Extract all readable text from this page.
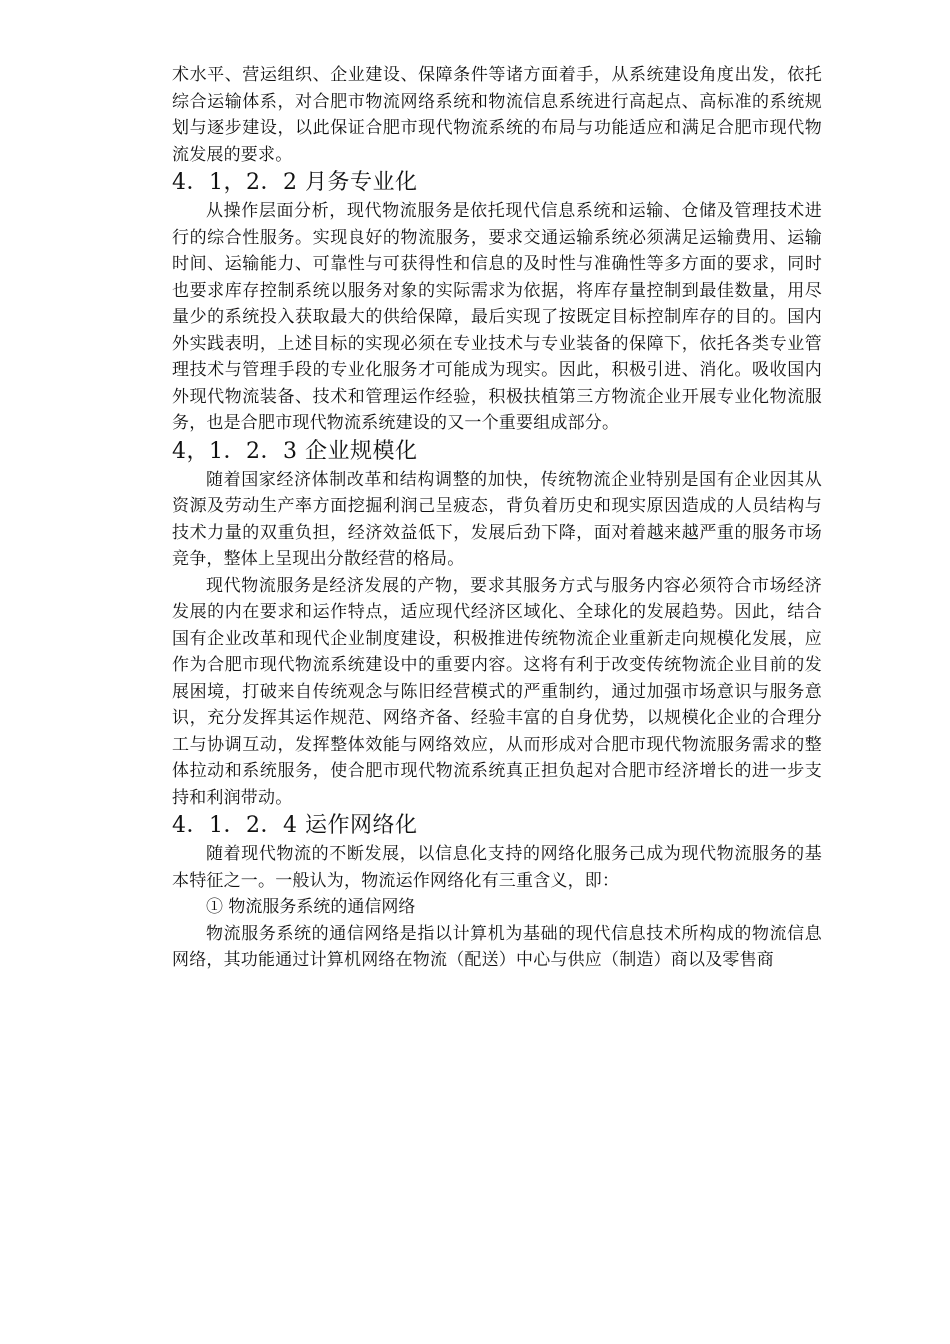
术水平、营运组织、企业建设、保障条件等诸方面着手，从系统建设角度出发，依托综合运输体系，对合肥市物流网络系统和物流信息系统进行高起点、高标准的系统规划与逐步建设，以此保证合肥市现代物流系统的布局与功能适应和满足合肥市现代物流发展的要求。

4．1，2．2 月务专业化

从操作层面分析，现代物流服务是依托现代信息系统和运输、仓储及管理技术进行的综合性服务。实现良好的物流服务，要求交通运输系统必须满足运输费用、运输时间、运输能力、可靠性与可获得性和信息的及时性与准确性等多方面的要求，同时也要求库存控制系统以服务对象的实际需求为依据，将库存量控制到最佳数量，用尽量少的系统投入获取最大的供给保障，最后实现了按既定目标控制库存的目的。国内外实践表明，上述目标的实现必须在专业技术与专业装备的保障下，依托各类专业管理技术与管理手段的专业化服务才可能成为现实。因此，积极引进、消化。吸收国内外现代物流装备、技术和管理运作经验，积极扶植第三方物流企业开展专业化物流服务，也是合肥市现代物流系统建设的又一个重要组成部分。

4，1．2．3 企业规模化

随着国家经济体制改革和结构调整的加快，传统物流企业特别是国有企业因其从资源及劳动生产率方面挖掘利润己呈疲态，背负着历史和现实原因造成的人员结构与技术力量的双重负担，经济效益低下，发展后劲下降，面对着越来越严重的服务市场竞争，整体上呈现出分散经营的格局。

现代物流服务是经济发展的产物，要求其服务方式与服务内容必须符合市场经济发展的内在要求和运作特点，适应现代经济区域化、全球化的发展趋势。因此，结合国有企业改革和现代企业制度建设，积极推进传统物流企业重新走向规模化发展，应作为合肥市现代物流系统建设中的重要内容。这将有利于改变传统物流企业目前的发展困境，打破来自传统观念与陈旧经营模式的严重制约，通过加强市场意识与服务意识，充分发挥其运作规范、网络齐备、经验丰富的自身优势，以规模化企业的合理分工与协调互动，发挥整体效能与网络效应，从而形成对合肥市现代物流服务需求的整体拉动和系统服务，使合肥市现代物流系统真正担负起对合肥市经济增长的进一步支持和利润带动。

4．1．2．4 运作网络化

随着现代物流的不断发展，以信息化支持的网络化服务己成为现代物流服务的基本特征之一。一般认为，物流运作网络化有三重含义，即：

① 物流服务系统的通信网络

物流服务系统的通信网络是指以计算机为基础的现代信息技术所构成的物流信息网络，其功能通过计算机网络在物流（配送）中心与供应（制造）商以及零售商
